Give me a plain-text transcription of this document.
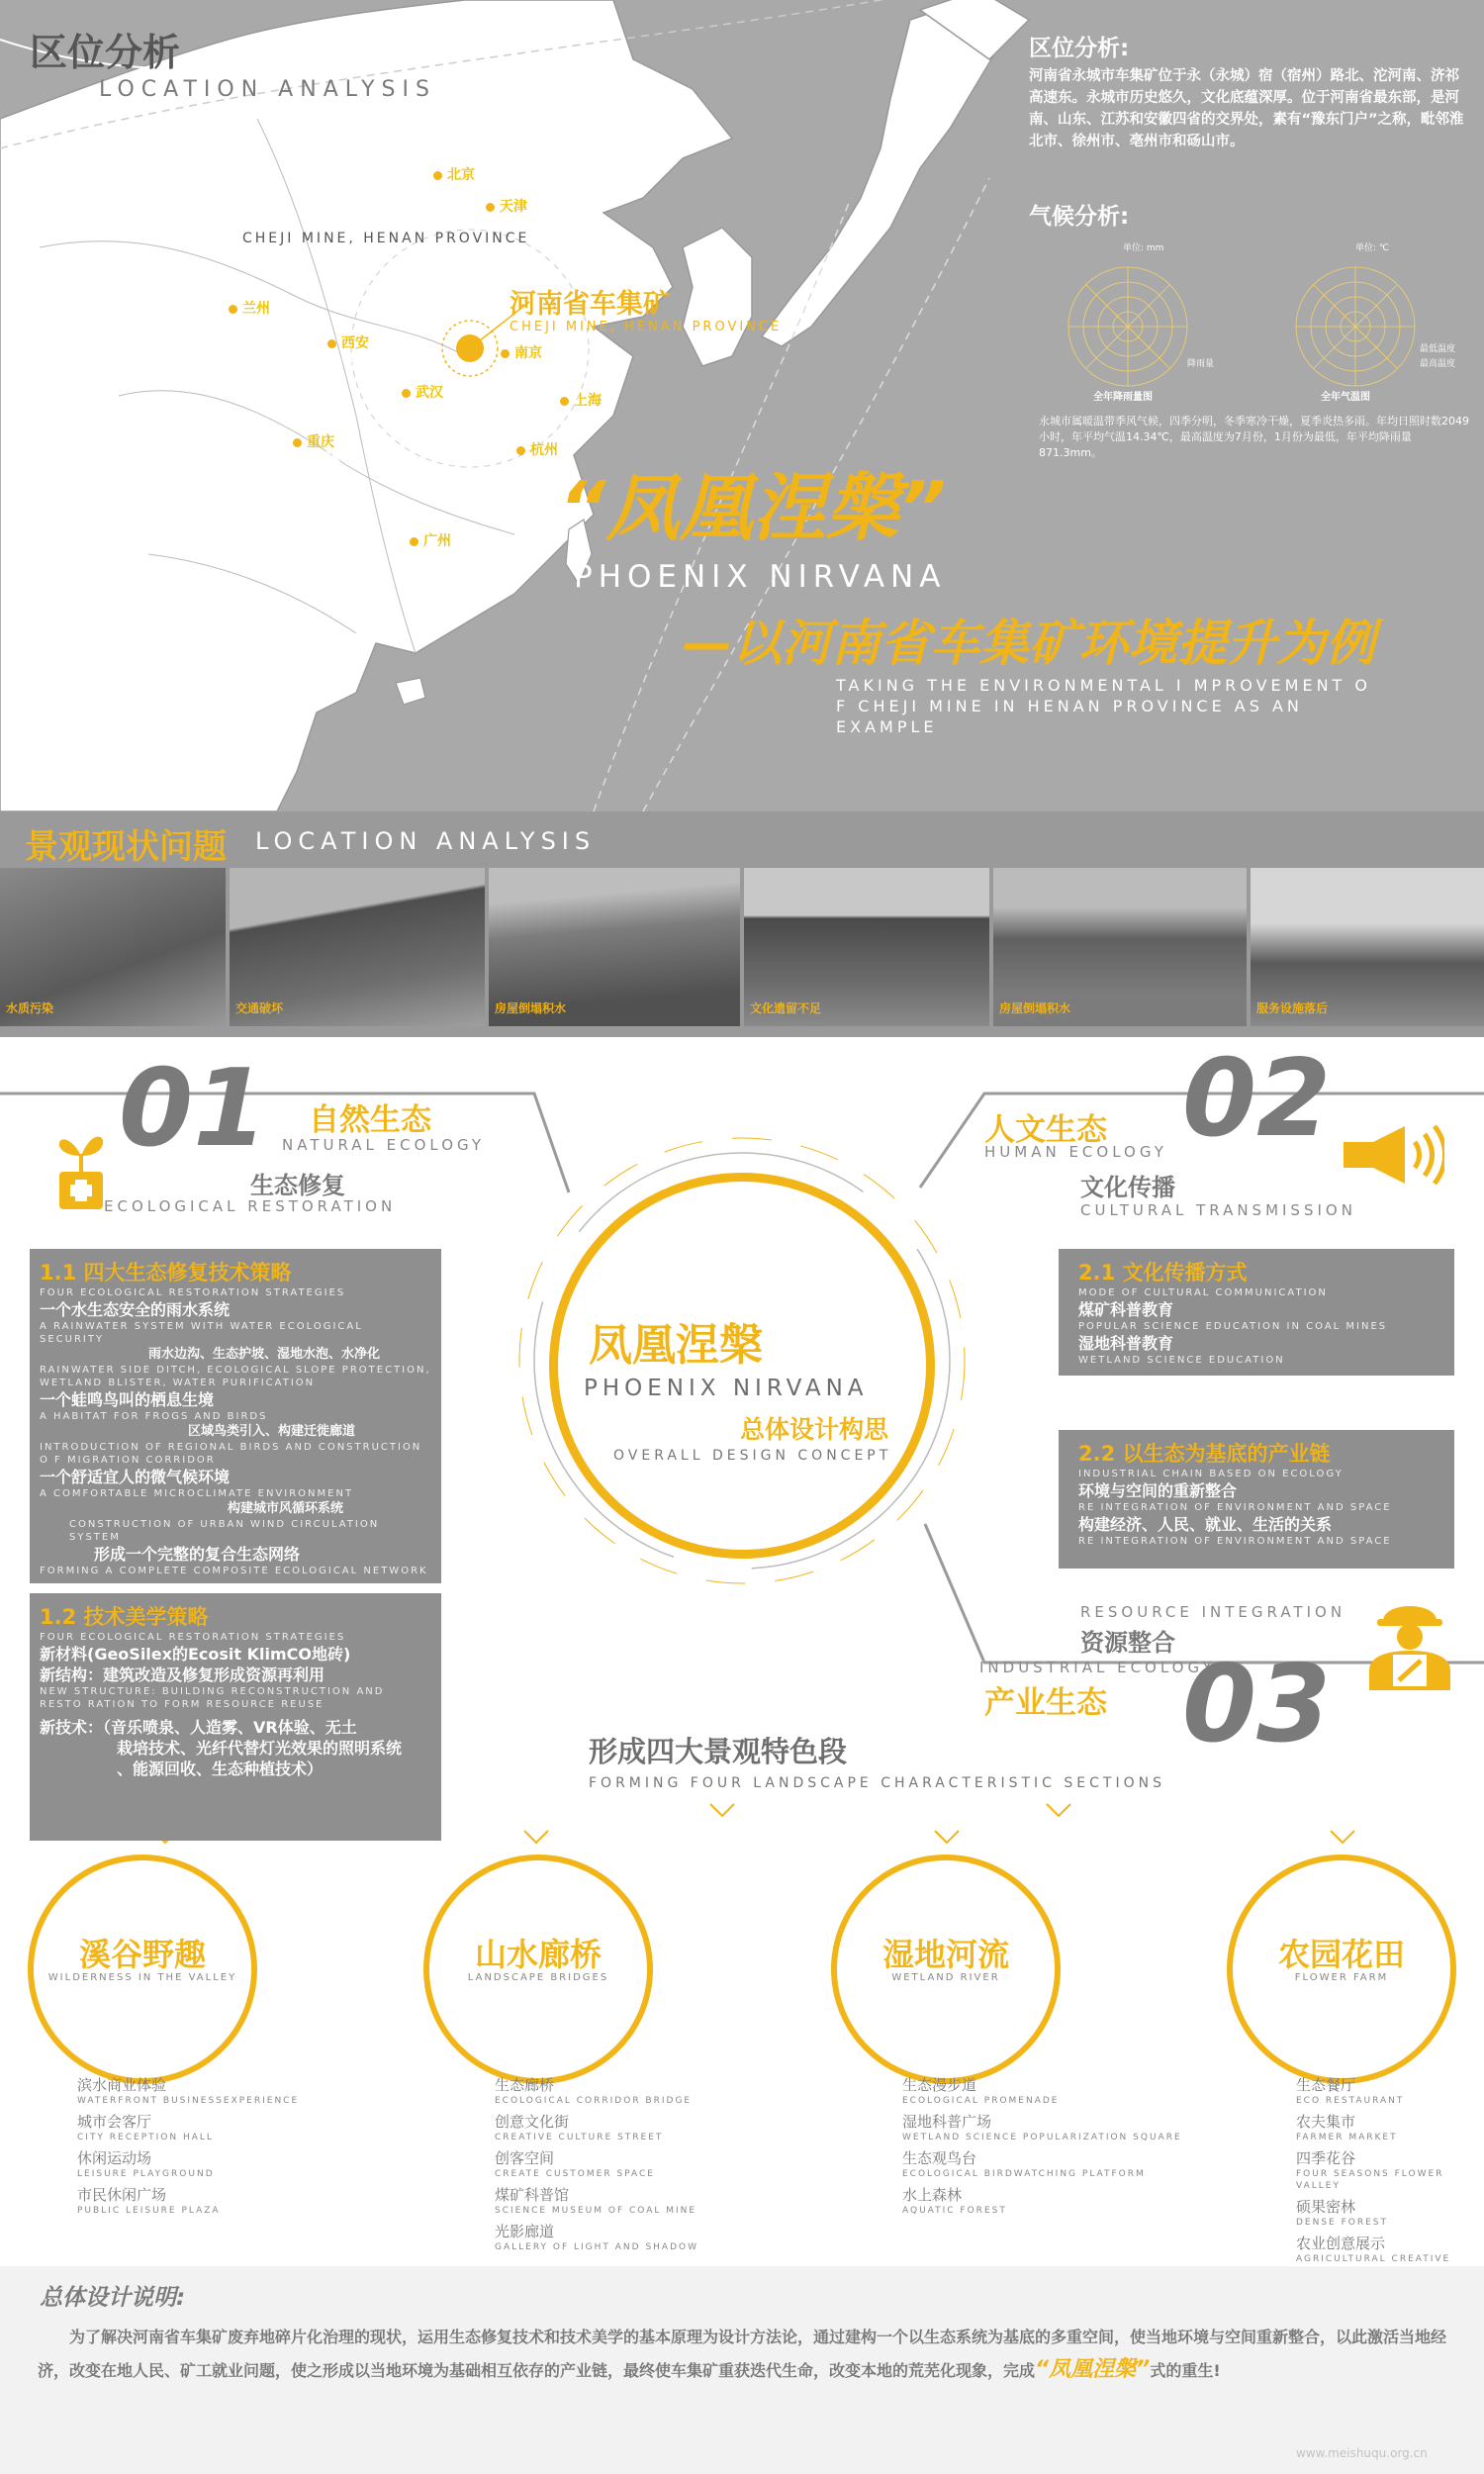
区位分析
LOCATION ANALYSIS
CHEJI MINE, HENAN PROVINCE
河南省车集矿
CHEJI MINE, HENAN PROVINCE
北京
650KM
天津
680KM
兰州
900KM
西安
420KM	南京
570KM
武汉
470KM	上海
重庆
870KM	杭州
800KM
广州
1300KM
区位分析:
河南省永城市车集矿位于永（永城）宿（宿州）路北、沱河南、济祁高速东。永城市历史悠久，文化底蕴深厚。位于河南省最东部，是河南、山东、江苏和安徽四省的交界处，素有“豫东门户”之称，毗邻淮北市、徐州市、亳州市和砀山市。
气候分析:
单位: mm	单位: ℃
降雨量
最低温度
最高温度
全年降雨量图	全年气温图
永城市属暖温带季风气候，四季分明，冬季寒冷干燥，夏季炎热多雨。年均日照时数2049小时，年平均气温14.34℃，最高温度为7月份，1月份为最低，年平均降雨量871.3mm。
“凤凰涅槃”
PHOENIX NIRVANA
—以河南省车集矿环境提升为例
TAKING THE ENVIRONMENTAL I MPROVEMENT O
F CHEJI MINE IN HENAN PROVINCE AS AN
EXAMPLE
景观现状问题 LOCATION ANALYSIS
水质污染	交通破坏	房屋倒塌积水	文化遗留不足	房屋倒塌积水	服务设施落后
01 自然生态
NATURAL ECOLOGY
生态修复
ECOLOGICAL RESTORATION
02
人文生态
HUMAN ECOLOGY
文化传播
CULTURAL TRANSMISSION
凤凰涅槃
PHOENIX NIRVANA
总体设计构思
OVERALL DESIGN CONCEPT
1.1 四大生态修复技术策略
FOUR ECOLOGICAL RESTORATION STRATEGIES
一个水生态安全的雨水系统
A RAINWATER SYSTEM WITH WATER ECOLOGICAL SECURITY
雨水边沟、生态护坡、湿地水泡、水净化
RAINWATER SIDE DITCH, ECOLOGICAL SLOPE PROTECTION, WETLAND BLISTER, WATER PURIFICATION
一个蛙鸣鸟叫的栖息生境
A HABITAT FOR FROGS AND BIRDS
区域鸟类引入、构建迁徙廊道
INTRODUCTION OF REGIONAL BIRDS AND CONSTRUCTION O F MIGRATION CORRIDOR
一个舒适宜人的微气候环境
A COMFORTABLE MICROCLIMATE ENVIRONMENT
构建城市风循环系统
CONSTRUCTION OF URBAN WIND CIRCULATION SYSTEM
形成一个完整的复合生态网络
FORMING A COMPLETE COMPOSITE ECOLOGICAL NETWORK
1.2 技术美学策略
FOUR ECOLOGICAL RESTORATION STRATEGIES
新材料(GeoSilex的Ecosit KlimCO地砖)
新结构：建筑改造及修复形成资源再利用
NEW STRUCTURE: BUILDING RECONSTRUCTION AND RESTO RATION TO FORM RESOURCE REUSE
新技术：（音乐喷泉、人造雾、VR体验、无土
栽培技术、光纤代替灯光效果的照明系统
、能源回收、生态种植技术）
2.1 文化传播方式
MODE OF CULTURAL COMMUNICATION
煤矿科普教育
POPULAR SCIENCE EDUCATION IN COAL MINES
湿地科普教育
WETLAND SCIENCE EDUCATION
2.2 以生态为基底的产业链
INDUSTRIAL CHAIN BASED ON ECOLOGY
环境与空间的重新整合
RE INTEGRATION OF ENVIRONMENT AND SPACE
构建经济、人民、就业、生活的关系
RE INTEGRATION OF ENVIRONMENT AND SPACE
RESOURCE INTEGRATION
资源整合
INDUSTRIAL ECOLOGY
产业生态 03
形成四大景观特色段
FORMING FOUR LANDSCAPE CHARACTERISTIC SECTIONS
溪谷野趣
WILDERNESS IN THE VALLEY
山水廊桥
LANDSCAPE BRIDGES
湿地河流
WETLAND RIVER
农园花田
FLOWER FARM
滨水商业体验
WATERFRONT BUSINESSEXPERIENCE
城市会客厅
CITY RECEPTION HALL
休闲运动场
LEISURE PLAYGROUND
市民休闲广场
PUBLIC LEISURE PLAZA
生态廊桥
ECOLOGICAL CORRIDOR BRIDGE
创意文化街
CREATIVE CULTURE STREET
创客空间
CREATE CUSTOMER SPACE
煤矿科普馆
SCIENCE MUSEUM OF COAL MINE
光影廊道
GALLERY OF LIGHT AND SHADOW
生态漫步道
ECOLOGICAL PROMENADE
湿地科普广场
WETLAND SCIENCE POPULARIZATION SQUARE
生态观鸟台
ECOLOGICAL BIRDWATCHING PLATFORM
水上森林
AQUATIC FOREST
生态餐厅
ECO RESTAURANT
农夫集市
FARMER MARKET
四季花谷
FOUR SEASONS FLOWER VALLEY
硕果密林
DENSE FOREST
农业创意展示
AGRICULTURAL CREATIVE
总体设计说明:
为了解决河南省车集矿废弃地碎片化治理的现状，运用生态修复技术和技术美学的基本原理为设计方法论，通过建构一个以生态系统为基底的多重空间，使当地环境与空间重新整合，以此激活当地经济，改变在地人民、矿工就业问题，使之形成以当地环境为基础相互依存的产业链，最终使车集矿重获迭代生命，改变本地的荒芜化现象，完成“凤凰涅槃”式的重生!
www.meishuqu.org.cn
